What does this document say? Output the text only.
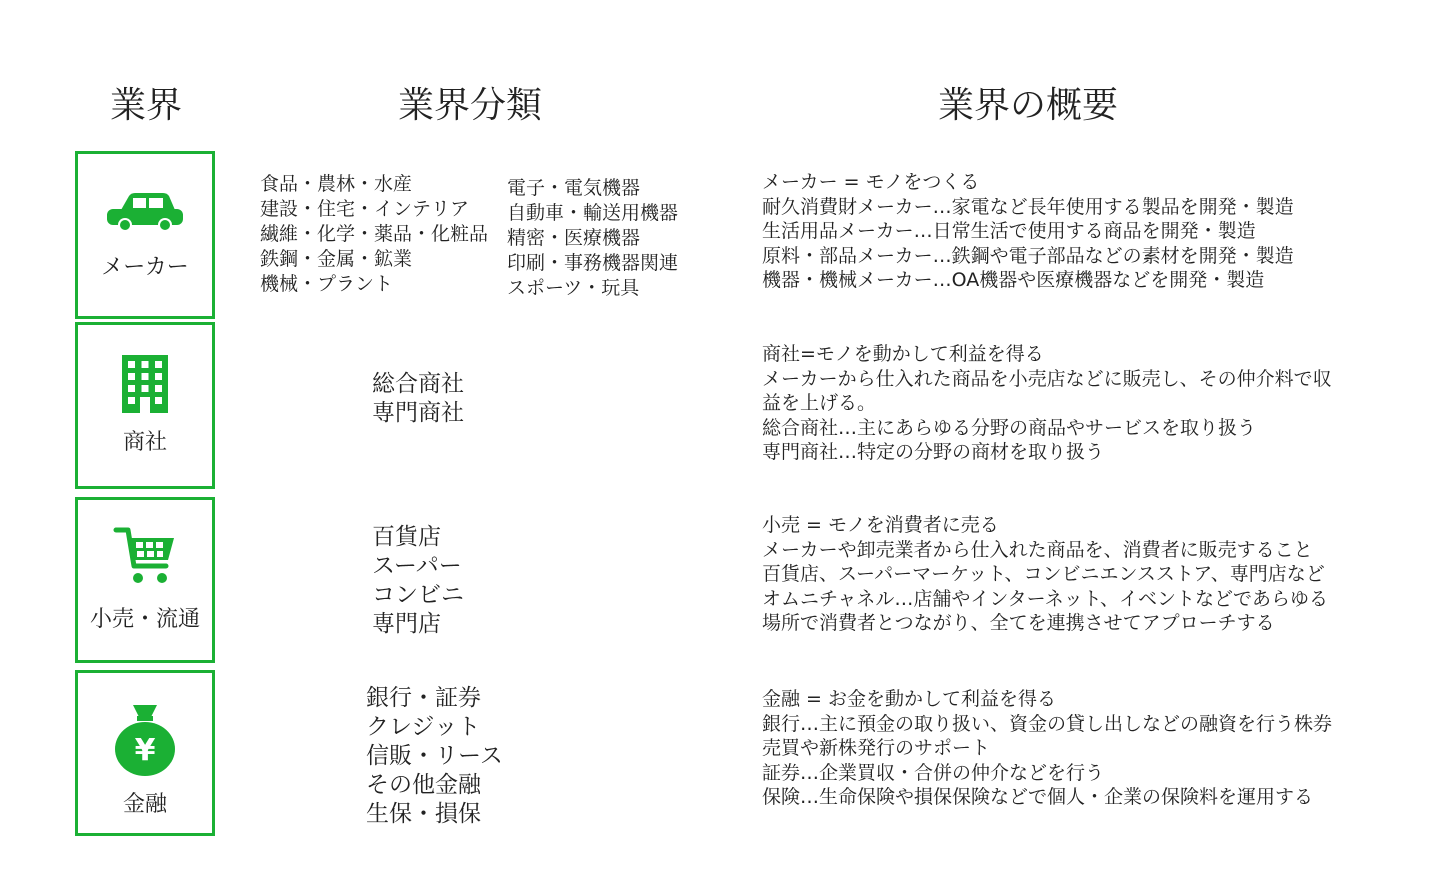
業界	業界分類	業界の概要
メーカー
食品・農林・水産
建設・住宅・インテリア
繊維・化学・薬品・化粧品
鉄鋼・金属・鉱業
機械・プラント
電子・電気機器
自動車・輸送用機器
精密・医療機器
印刷・事務機器関連
スポーツ・玩具
メーカー = モノをつくる
耐久消費財メーカー…家電など長年使用する製品を開発・製造
生活用品メーカー…日常生活で使用する商品を開発・製造
原料・部品メーカー…鉄鋼や電子部品などの素材を開発・製造
機器・機械メーカー…OA機器や医療機器などを開発・製造
商社
総合商社
専門商社
商社=モノを動かして利益を得る
メーカーから仕入れた商品を小売店などに販売し、その仲介料で収
益を上げる。
総合商社…主にあらゆる分野の商品やサービスを取り扱う
専門商社…特定の分野の商材を取り扱う
小売・流通
百貨店
スーパー
コンビニ
専門店
小売 = モノを消費者に売る
メーカーや卸売業者から仕入れた商品を、消費者に販売すること
百貨店、スーパーマーケット、コンビニエンスストア、専門店など
オムニチャネル…店舗やインターネット、イベントなどであらゆる
場所で消費者とつながり、全てを連携させてアプローチする
¥
金融
銀行・証券
クレジット
信販・リース
その他金融
生保・損保
金融 = お金を動かして利益を得る
銀行…主に預金の取り扱い、資金の貸し出しなどの融資を行う株券
売買や新株発行のサポート
証券…企業買収・合併の仲介などを行う
保険…生命保険や損保保険などで個人・企業の保険料を運用する
